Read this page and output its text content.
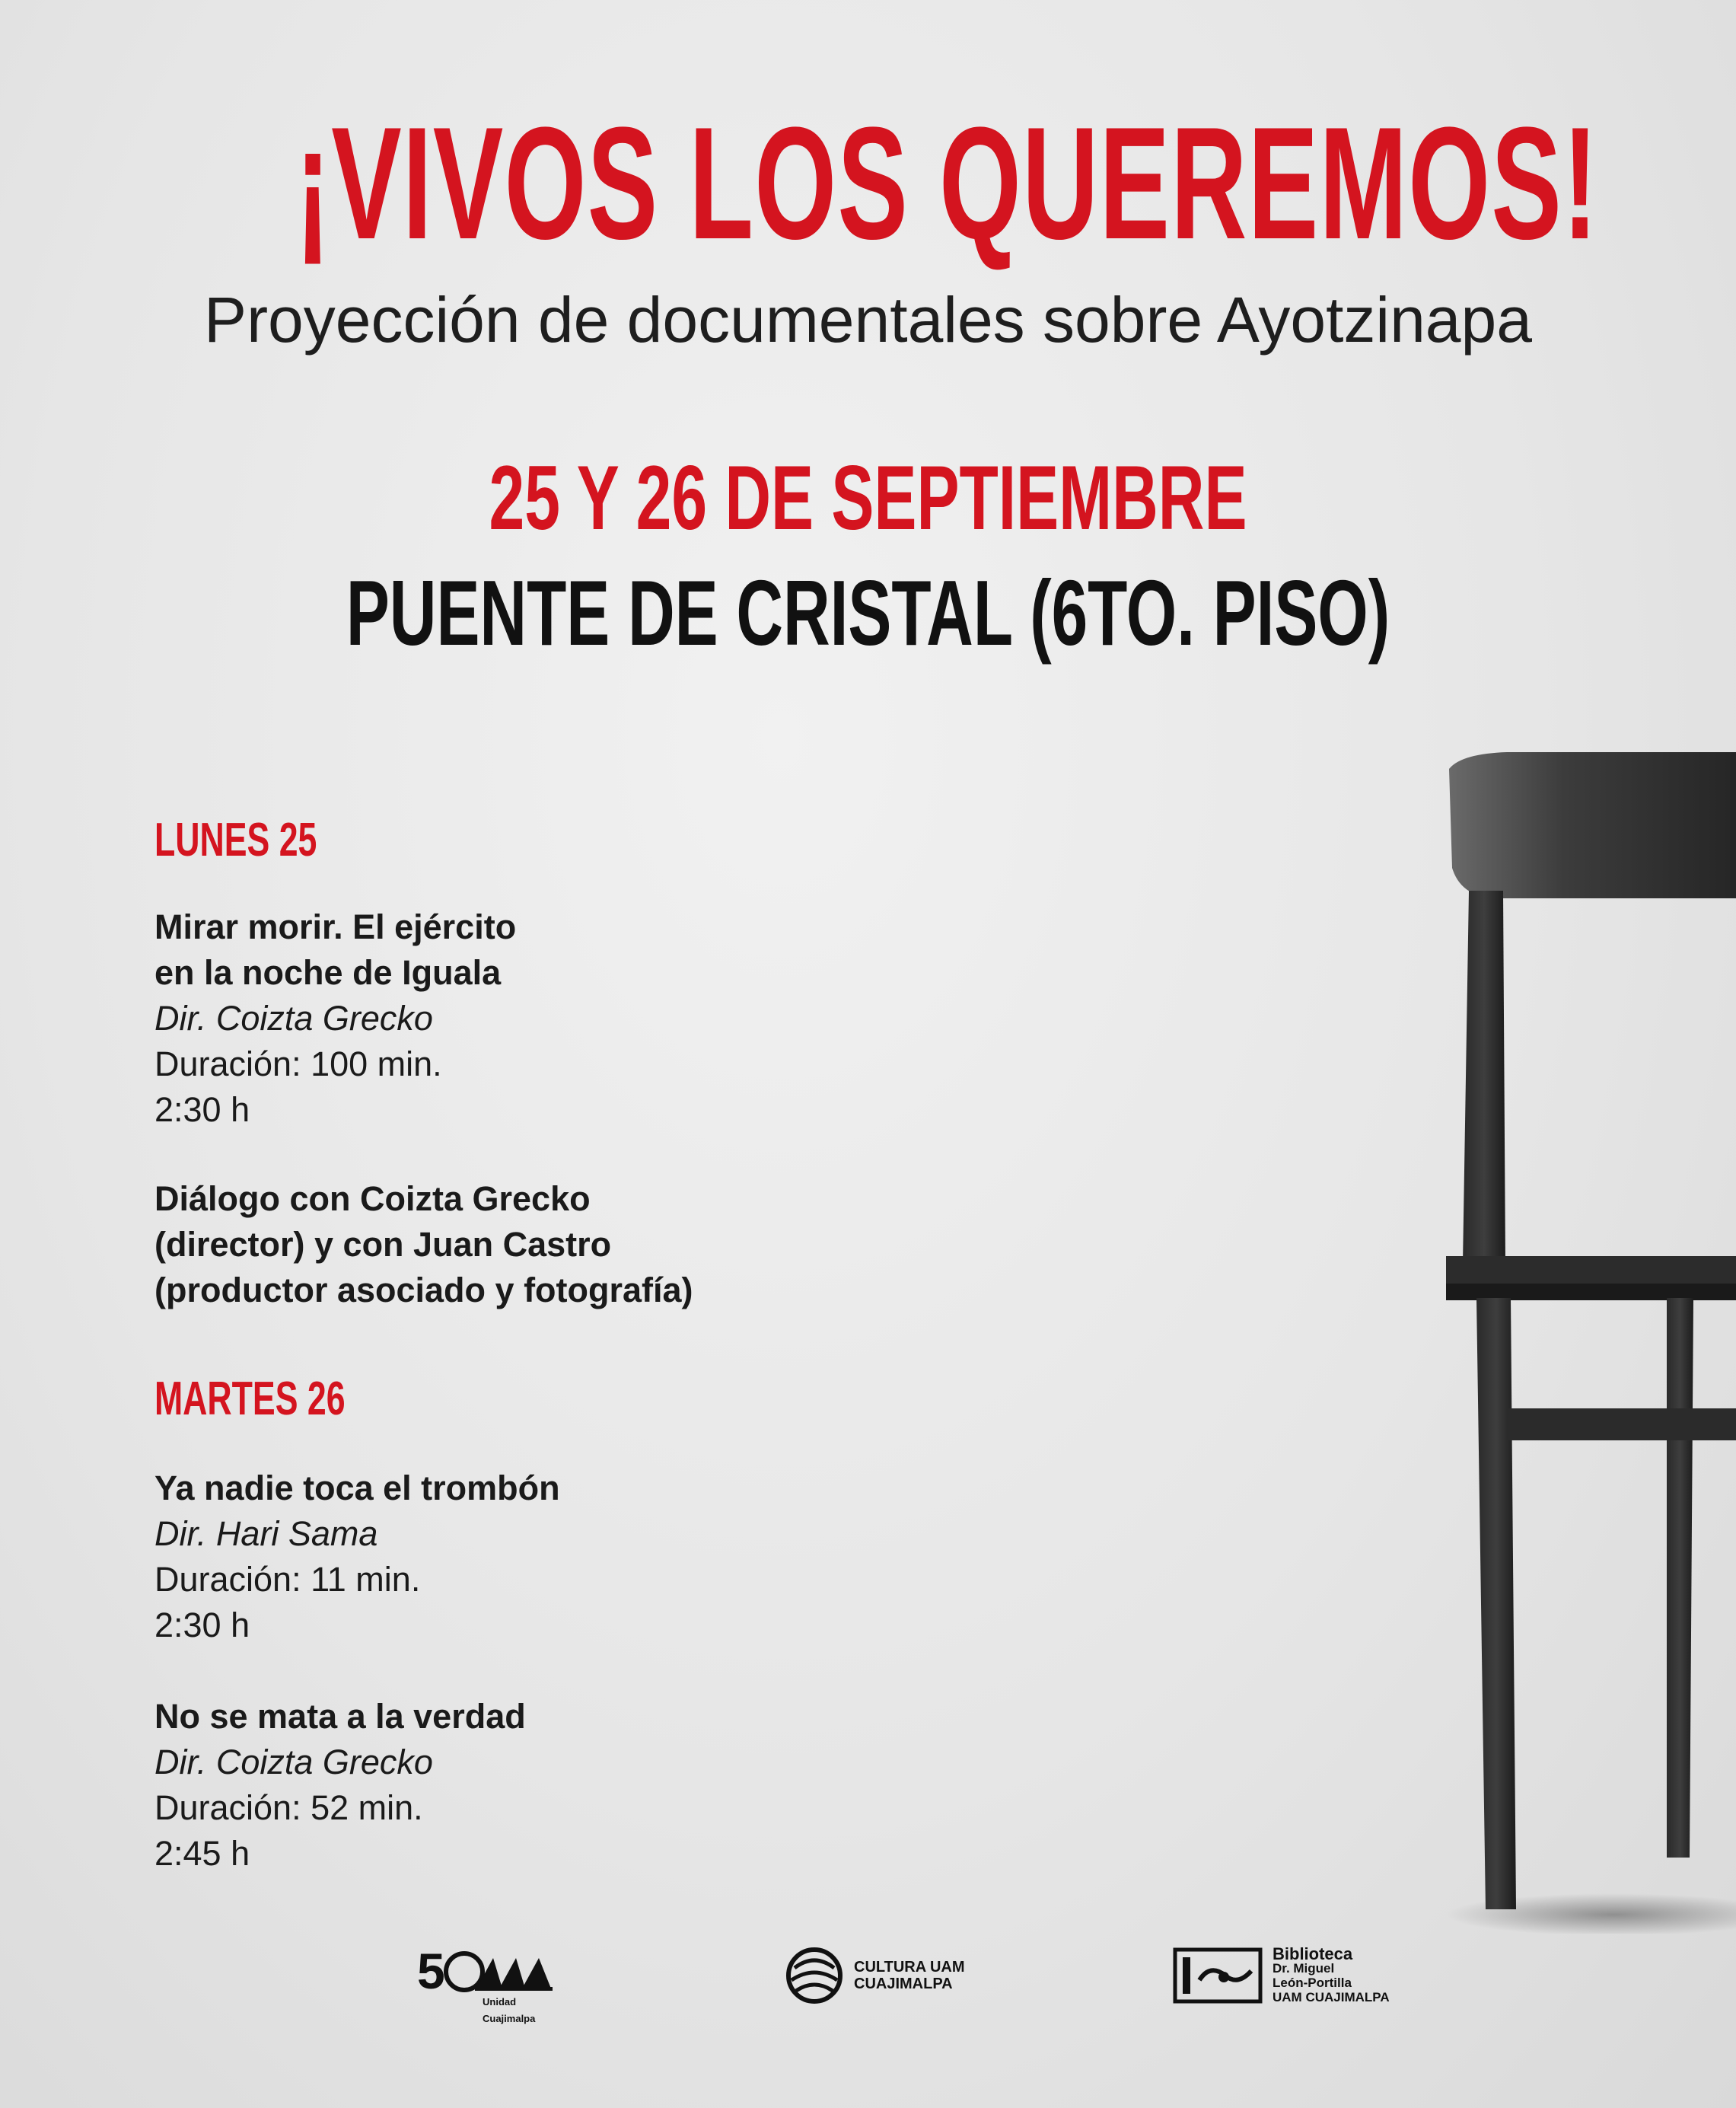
¡VIVOS LOS QUEREMOS!
Proyección de documentales sobre Ayotzinapa
25 Y 26 DE SEPTIEMBRE
PUENTE DE CRISTAL (6TO. PISO)
LUNES 25
Mirar morir. El ejército
en la noche de Iguala
Dir. Coizta Grecko
Duración: 100 min.
2:30 h
Diálogo con Coizta Grecko
(director) y con Juan Castro
(productor asociado y fotografía)
MARTES 26
Ya nadie toca el trombón
Dir. Hari Sama
Duración: 11 min.
2:30 h
No se mata a la verdad
Dir. Coizta Grecko
Duración: 52 min.
2:45 h
5
Unidad Cuajimalpa
CULTURA UAM
CUAJIMALPA
Biblioteca
Dr. Miguel
León-Portilla
UAM CUAJIMALPA
